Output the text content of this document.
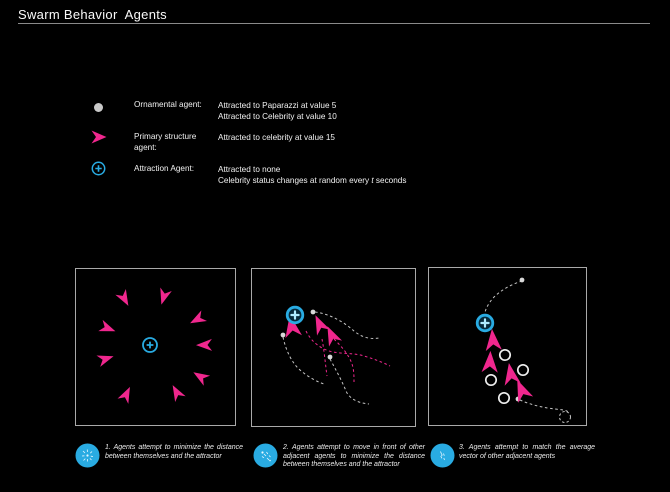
Swarm Behavior  Agents
Ornamental agent:	Attracted to Paparazzi at value 5
Attracted to Celebrity at value 10
Primary structure agent:
Attracted to celebrity at value 15
Attraction Agent:	Attracted to none
Celebrity status changes at random every t seconds
1. Agents attempt to minimize the distance between themselves and the attractor
2. Agents attempt to move in front of other adjacent agents to minimize the distance between themselves and the attractor
3. Agents attempt to match the average vector of other adjacent agents
